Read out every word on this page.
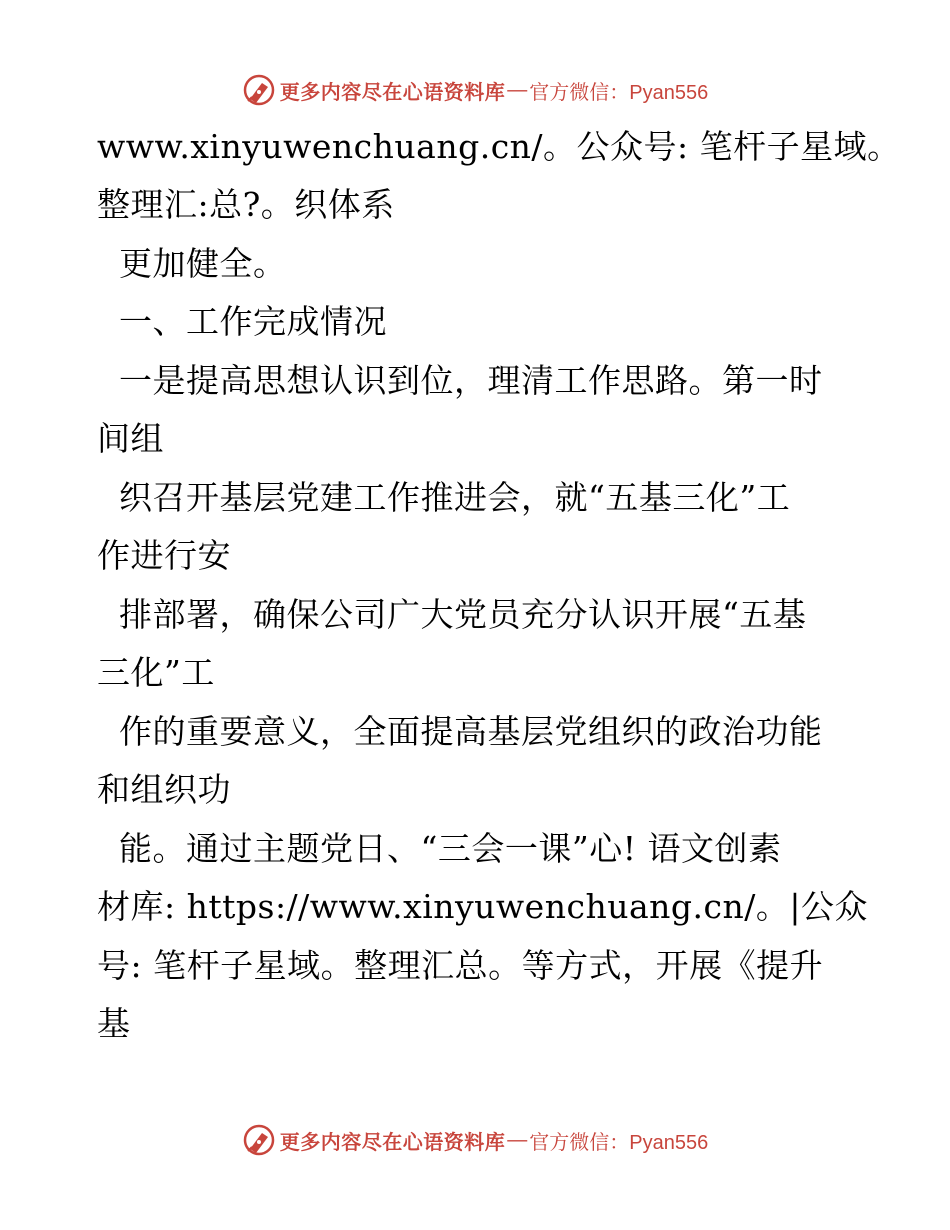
更多内容尽在心语资料库 — 官方微信：Pyan556
www.xinyuwenchuang.cn/。公众号: 笔杆子星域。
整理汇:总?。织体系
更加健全。
一、工作完成情况
一是提高思想认识到位，理清工作思路。第一时
间组
织召开基层党建工作推进会，就“五基三化”工
作进行安
排部署，确保公司广大党员充分认识开展“五基
三化”工
作的重要意义，全面提高基层党组织的政治功能
和组织功
能。通过主题党日、“三会一课”心! 语文创素
材库: https://www.xinyuwenchuang.cn/。|公众
号: 笔杆子星域。整理汇总。等方式，开展《提升
基
更多内容尽在心语资料库 — 官方微信：Pyan556
